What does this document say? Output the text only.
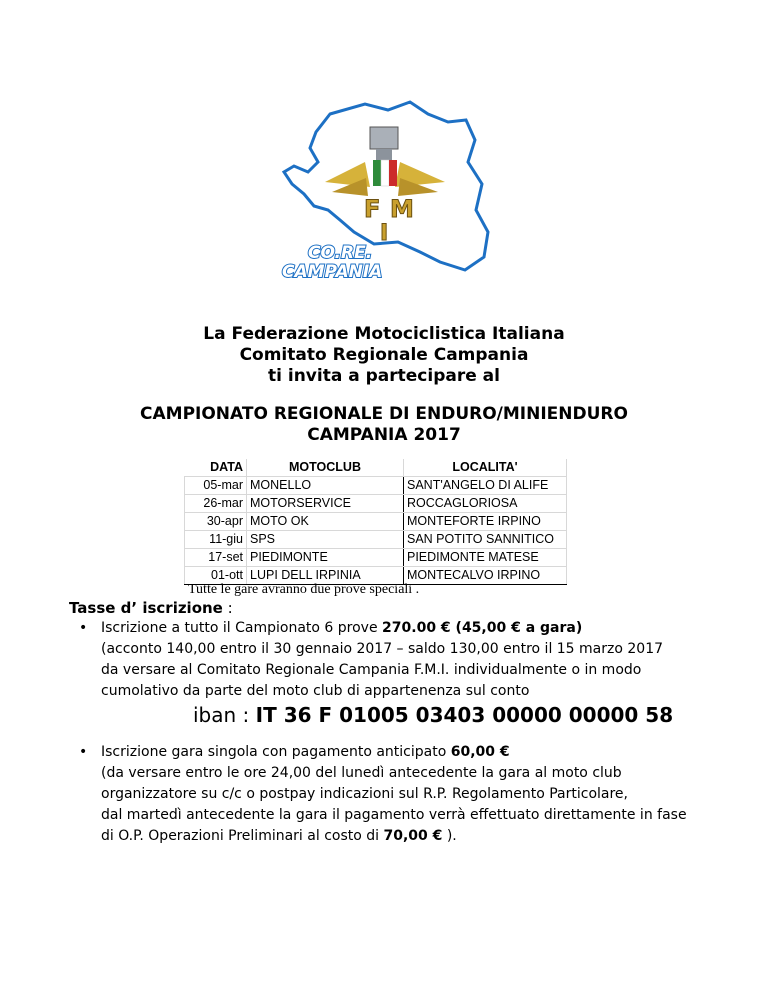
F M
I
CO.RE.
CAMPANIA
La Federazione Motociclistica Italiana
Comitato Regionale Campania
ti invita a partecipare al
CAMPIONATO REGIONALE DI ENDURO/MINIENDURO
CAMPANIA 2017
DATA	MOTOCLUB	LOCALITA'
05-mar	MONELLO	SANT'ANGELO DI ALIFE
26-mar	MOTORSERVICE	ROCCAGLORIOSA
30-apr	MOTO OK	MONTEFORTE IRPINO
11-giu	SPS	SAN POTITO SANNITICO
17-set	PIEDIMONTE	PIEDIMONTE MATESE
01-ott	LUPI DELL IRPINIA	MONTECALVO IRPINO
Tutte le gare avranno due prove speciali .
Tasse d’ iscrizione :
• Iscrizione a tutto il Campionato 6 prove 270.00 € (45,00 € a gara)
(acconto 140,00 entro il 30 gennaio 2017 – saldo 130,00 entro il 15 marzo 2017
da versare al Comitato Regionale Campania F.M.I. individualmente o in modo
cumolativo da parte del moto club di appartenenza sul conto
iban : IT 36 F 01005 03403 00000 00000 58
• Iscrizione gara singola con pagamento anticipato 60,00 €
(da versare entro le ore 24,00 del lunedì antecedente la gara al moto club
organizzatore su c/c o postpay indicazioni sul R.P. Regolamento Particolare,
dal martedì antecedente la gara il pagamento verrà effettuato direttamente in fase
di O.P. Operazioni Preliminari al costo di 70,00 € ).
